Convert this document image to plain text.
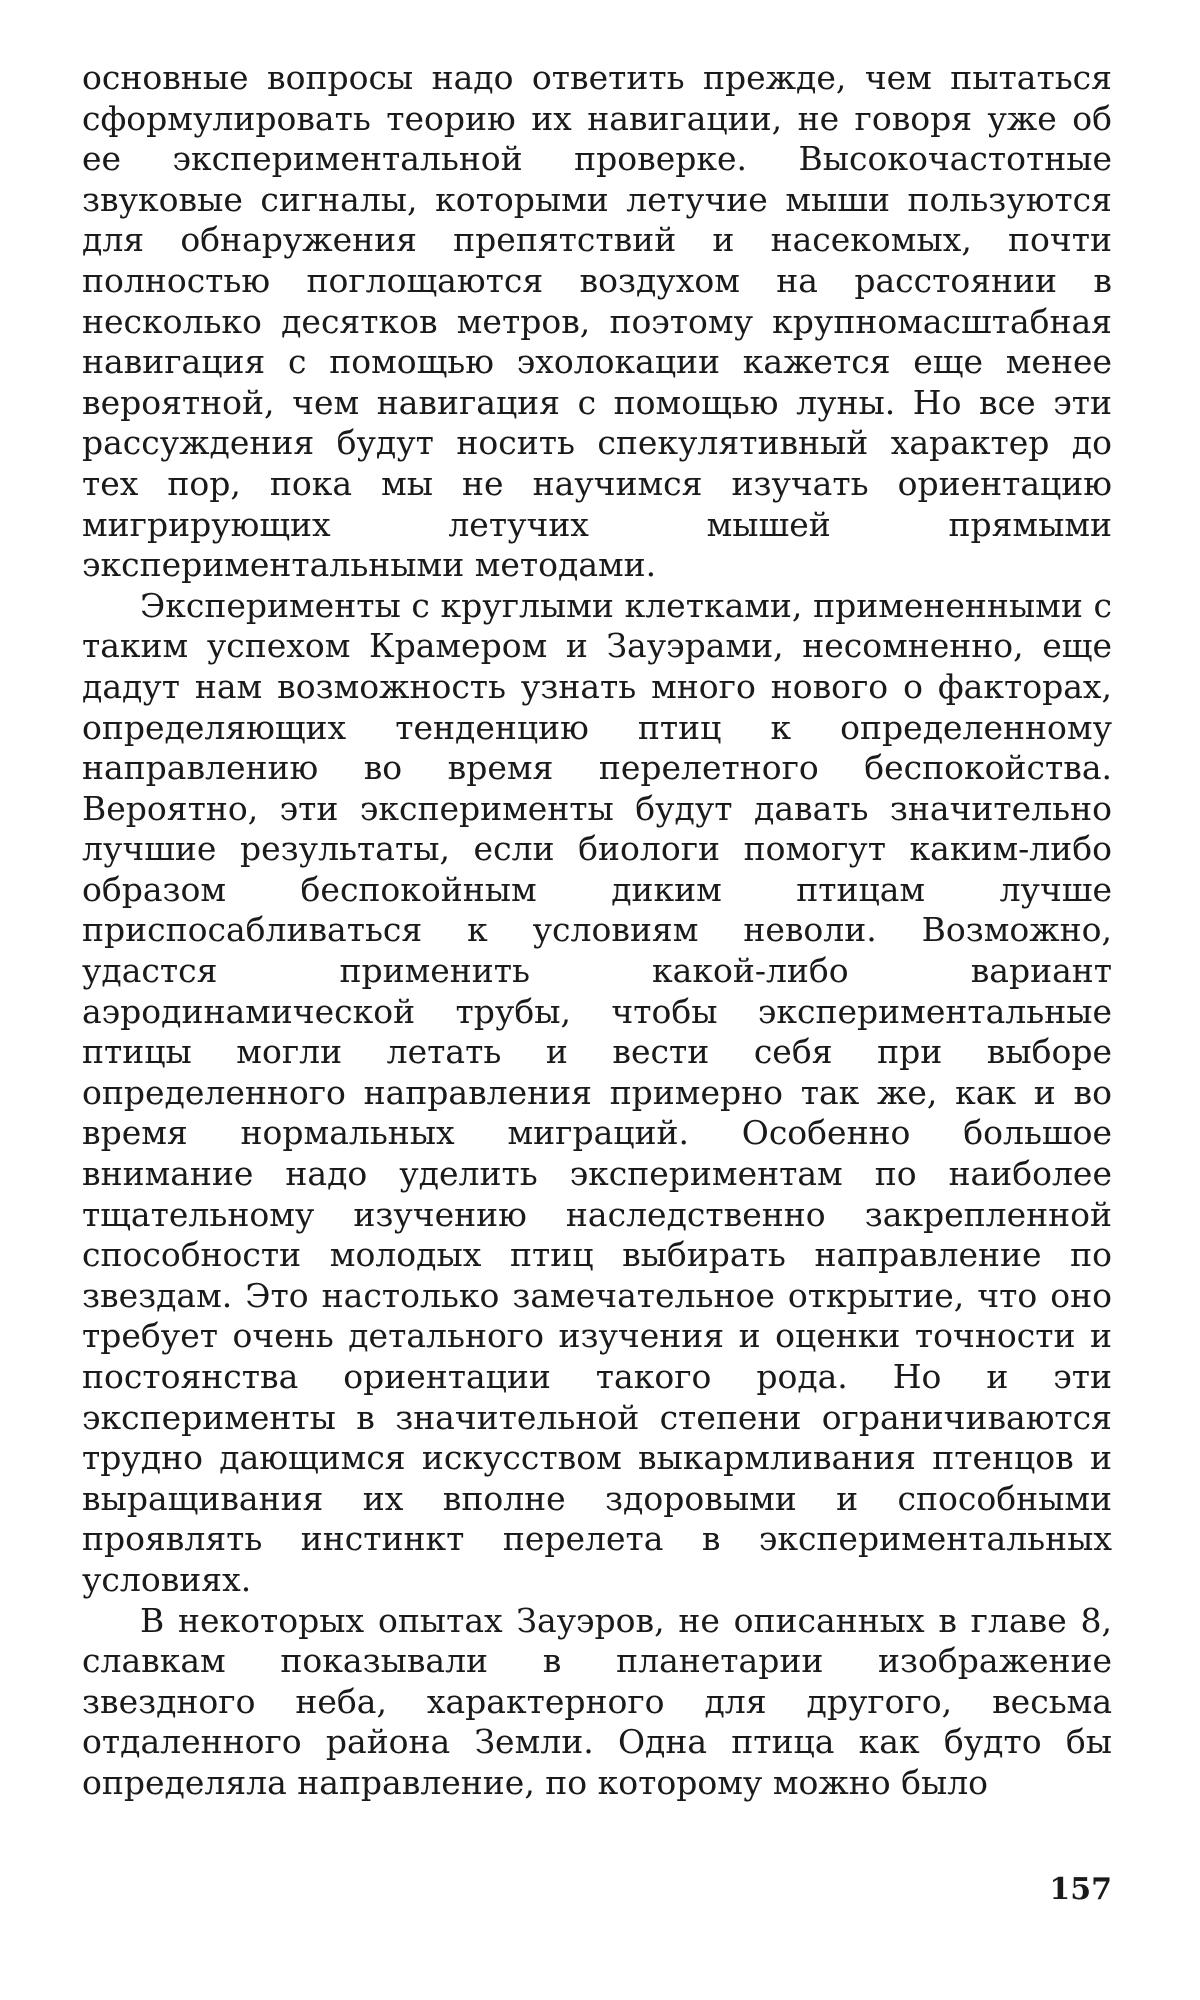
основные вопросы надо ответить прежде, чем пытаться сформулировать теорию их навигации, не говоря уже об ее экспериментальной проверке. Высокочастотные звуковые сигналы, которыми летучие мыши пользуются для обнаружения препятствий и насекомых, почти полностью поглощаются воздухом на расстоянии в несколько десятков метров, поэтому крупномасштабная навигация с помощью эхолокации кажется еще менее вероятной, чем навигация с помощью луны. Но все эти рассуждения будут носить спекулятивный характер до тех пор, пока мы не научимся изучать ориентацию мигрирующих летучих мышей прямыми экспериментальными методами.

Эксперименты с круглыми клетками, примененными с таким успехом Крамером и Зауэрами, несомненно, еще дадут нам возможность узнать много нового о факторах, определяющих тенденцию птиц к определенному направлению во время перелетного беспокойства. Вероятно, эти эксперименты будут давать значительно лучшие результаты, если биологи помогут каким-либо образом беспокойным диким птицам лучше приспосабливаться к условиям неволи. Возможно, удастся применить какой-либо вариант аэродинамической трубы, чтобы экспериментальные птицы могли летать и вести себя при выборе определенного направления примерно так же, как и во время нормальных миграций. Особенно большое внимание надо уделить экспериментам по наиболее тщательному изучению наследственно закрепленной способности молодых птиц выбирать направление по звездам. Это настолько замечательное открытие, что оно требует очень детального изучения и оценки точности и постоянства ориентации такого рода. Но и эти эксперименты в значительной степени ограничиваются трудно дающимся искусством выкармливания птенцов и выращивания их вполне здоровыми и способными проявлять инстинкт перелета в экспериментальных условиях.

В некоторых опытах Зауэров, не описанных в главе 8, славкам показывали в планетарии изображение звездного неба, характерного для другого, весьма отдаленного района Земли. Одна птица как будто бы определяла направление, по которому можно было

157
